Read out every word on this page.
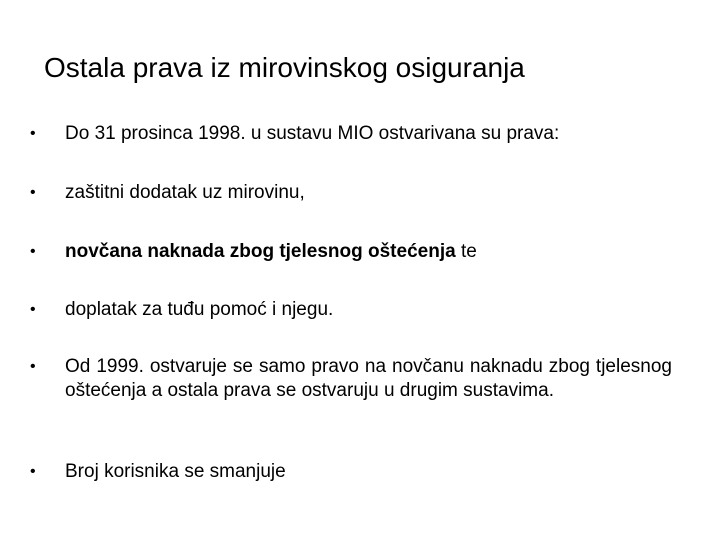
Ostala prava iz mirovinskog osiguranja
•	Do 31 prosinca 1998. u sustavu MIO ostvarivana su prava:
•	zaštitni dodatak uz mirovinu,
•	novčana naknada zbog tjelesnog oštećenja te
•	doplatak za tuđu pomoć i njegu.
•	Od 1999. ostvaruje se samo pravo na novčanu naknadu zbog tjelesnog oštećenja a ostala prava se ostvaruju u drugim sustavima.
•	Broj korisnika se smanjuje
